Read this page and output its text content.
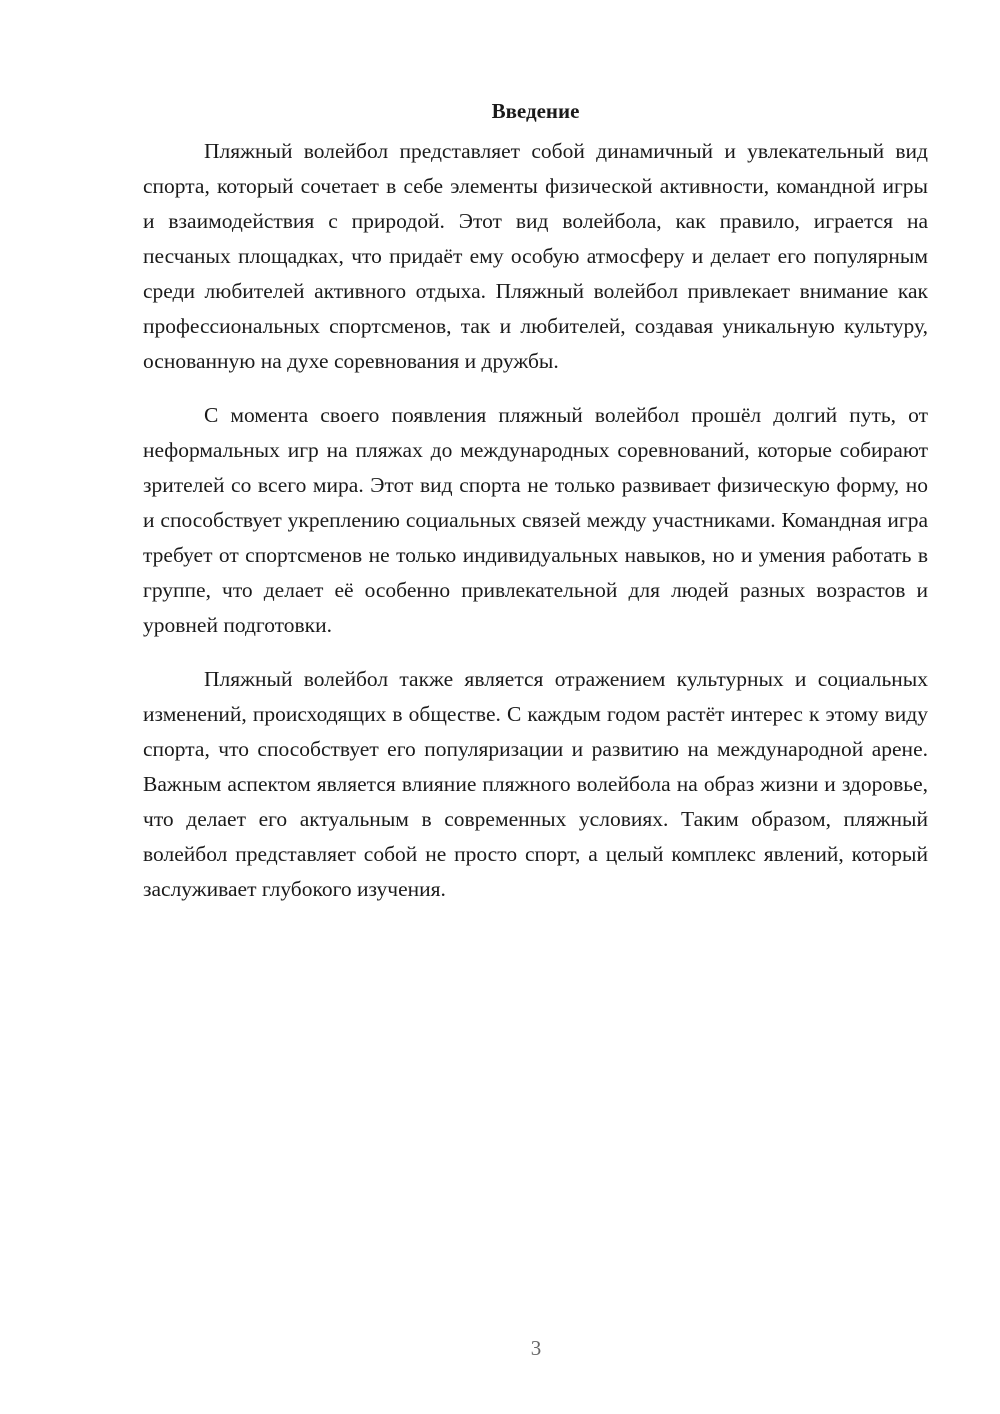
Введение

Пляжный волейбол представляет собой динамичный и увлекательный вид спорта, который сочетает в себе элементы физической активности, командной игры и взаимодействия с природой. Этот вид волейбола, как правило, играется на песчаных площадках, что придаёт ему особую атмосферу и делает его популярным среди любителей активного отдыха. Пляжный волейбол привлекает внимание как профессиональных спортсменов, так и любителей, создавая уникальную культуру, основанную на духе соревнования и дружбы.

С момента своего появления пляжный волейбол прошёл долгий путь, от неформальных игр на пляжах до международных соревнований, которые собирают зрителей со всего мира. Этот вид спорта не только развивает физическую форму, но и способствует укреплению социальных связей между участниками. Командная игра требует от спортсменов не только индивидуальных навыков, но и умения работать в группе, что делает её особенно привлекательной для людей разных возрастов и уровней подготовки.

Пляжный волейбол также является отражением культурных и социальных изменений, происходящих в обществе. С каждым годом растёт интерес к этому виду спорта, что способствует его популяризации и развитию на международной арене. Важным аспектом является влияние пляжного волейбола на образ жизни и здоровье, что делает его актуальным в современных условиях. Таким образом, пляжный волейбол представляет собой не просто спорт, а целый комплекс явлений, который заслуживает глубокого изучения.

3
